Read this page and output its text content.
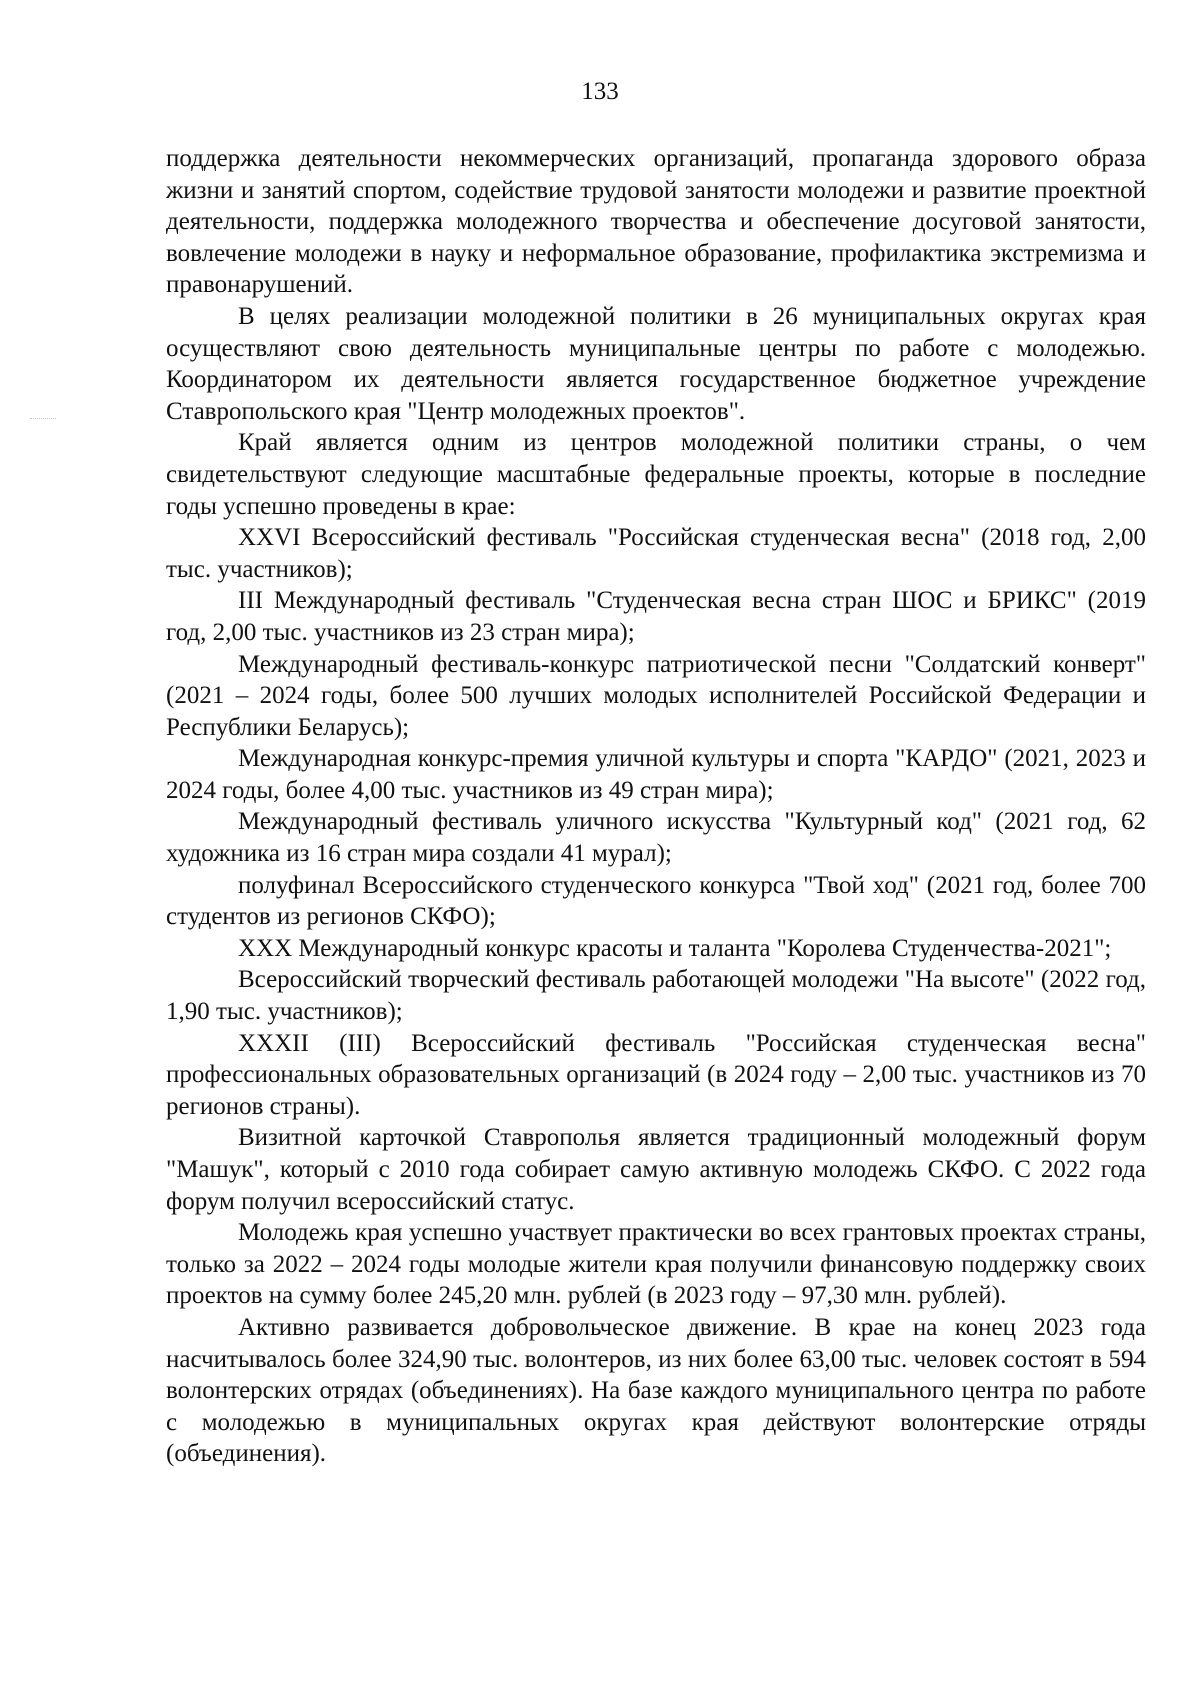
133

поддержка деятельности некоммерческих организаций, пропаганда здорового образа жизни и занятий спортом, содействие трудовой занятости молодежи и развитие проектной деятельности, поддержка молодежного творчества и обеспечение досуговой занятости, вовлечение молодежи в науку и неформальное образование, профилактика экстремизма и правонарушений.

В целях реализации молодежной политики в 26 муниципальных округах края осуществляют свою деятельность муниципальные центры по работе с молодежью. Координатором их деятельности является государственное бюджетное учреждение Ставропольского края "Центр молодежных проектов".

Край является одним из центров молодежной политики страны, о чем свидетельствуют следующие масштабные федеральные проекты, которые в последние годы успешно проведены в крае:

XXVI Всероссийский фестиваль "Российская студенческая весна" (2018 год, 2,00 тыс. участников);

III Международный фестиваль "Студенческая весна стран ШОС и БРИКС" (2019 год, 2,00 тыс. участников из 23 стран мира);

Международный фестиваль-конкурс патриотической песни "Солдатский конверт" (2021 – 2024 годы, более 500 лучших молодых исполнителей Российской Федерации и Республики Беларусь);

Международная конкурс-премия уличной культуры и спорта "КАРДО" (2021, 2023 и 2024 годы, более 4,00 тыс. участников из 49 стран мира);

Международный фестиваль уличного искусства "Культурный код" (2021 год, 62 художника из 16 стран мира создали 41 мурал);

полуфинал Всероссийского студенческого конкурса "Твой ход" (2021 год, более 700 студентов из регионов СКФО);

XXX Международный конкурс красоты и таланта "Королева Студенчества-2021";

Всероссийский творческий фестиваль работающей молодежи "На высоте" (2022 год, 1,90 тыс. участников);

XXXII (III) Всероссийский фестиваль "Российская студенческая весна" профессиональных образовательных организаций (в 2024 году – 2,00 тыс. участников из 70 регионов страны).

Визитной карточкой Ставрополья является традиционный молодежный форум "Машук", который с 2010 года собирает самую активную молодежь СКФО. С 2022 года форум получил всероссийский статус.

Молодежь края успешно участвует практически во всех грантовых проектах страны, только за 2022 – 2024 годы молодые жители края получили финансовую поддержку своих проектов на сумму более 245,20 млн. рублей (в 2023 году – 97,30 млн. рублей).

Активно развивается добровольческое движение. В крае на конец 2023 года насчитывалось более 324,90 тыс. волонтеров, из них более 63,00 тыс. человек состоят в 594 волонтерских отрядах (объединениях). На базе каждого муниципального центра по работе с молодежью в муниципальных округах края действуют волонтерские отряды (объединения).
